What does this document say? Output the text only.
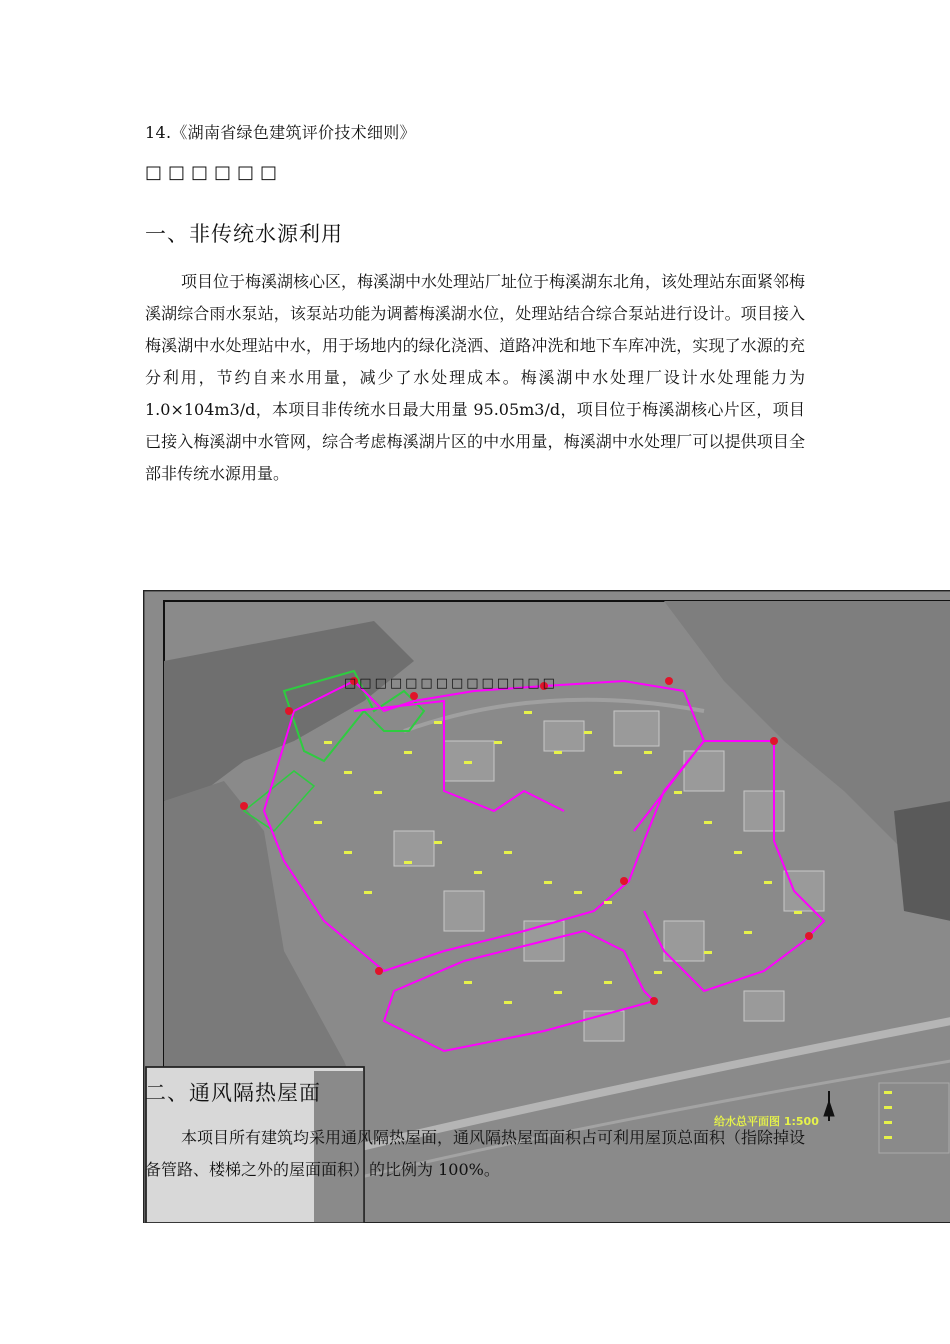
14.《湖南省绿色建筑评价技术细则》
□□□□□□
一、非传统水源利用

项目位于梅溪湖核心区，梅溪湖中水处理站厂址位于梅溪湖东北角，该处理站东面紧邻梅溪湖综合雨水泵站，该泵站功能为调蓄梅溪湖水位，处理站结合综合泵站进行设计。项目接入梅溪湖中水处理站中水，用于场地内的绿化浇洒、道路冲洗和地下车库冲洗，实现了水源的充分利用，节约自来水用量，减少了水处理成本。梅溪湖中水处理厂设计水处理能力为 1.0×104m3/d，本项目非传统水日最大用量 95.05m3/d，项目位于梅溪湖核心片区，项目已接入梅溪湖中水管网，综合考虑梅溪湖片区的中水用量，梅溪湖中水处理厂可以提供项目全部非传统水源用量。

□□□□□□□□□□□□□□
给水总平面图 1:500
二、通风隔热屋面

本项目所有建筑均采用通风隔热屋面，通风隔热屋面面积占可利用屋顶总面积（指除掉设备管路、楼梯之外的屋面面积）的比例为 100%。
